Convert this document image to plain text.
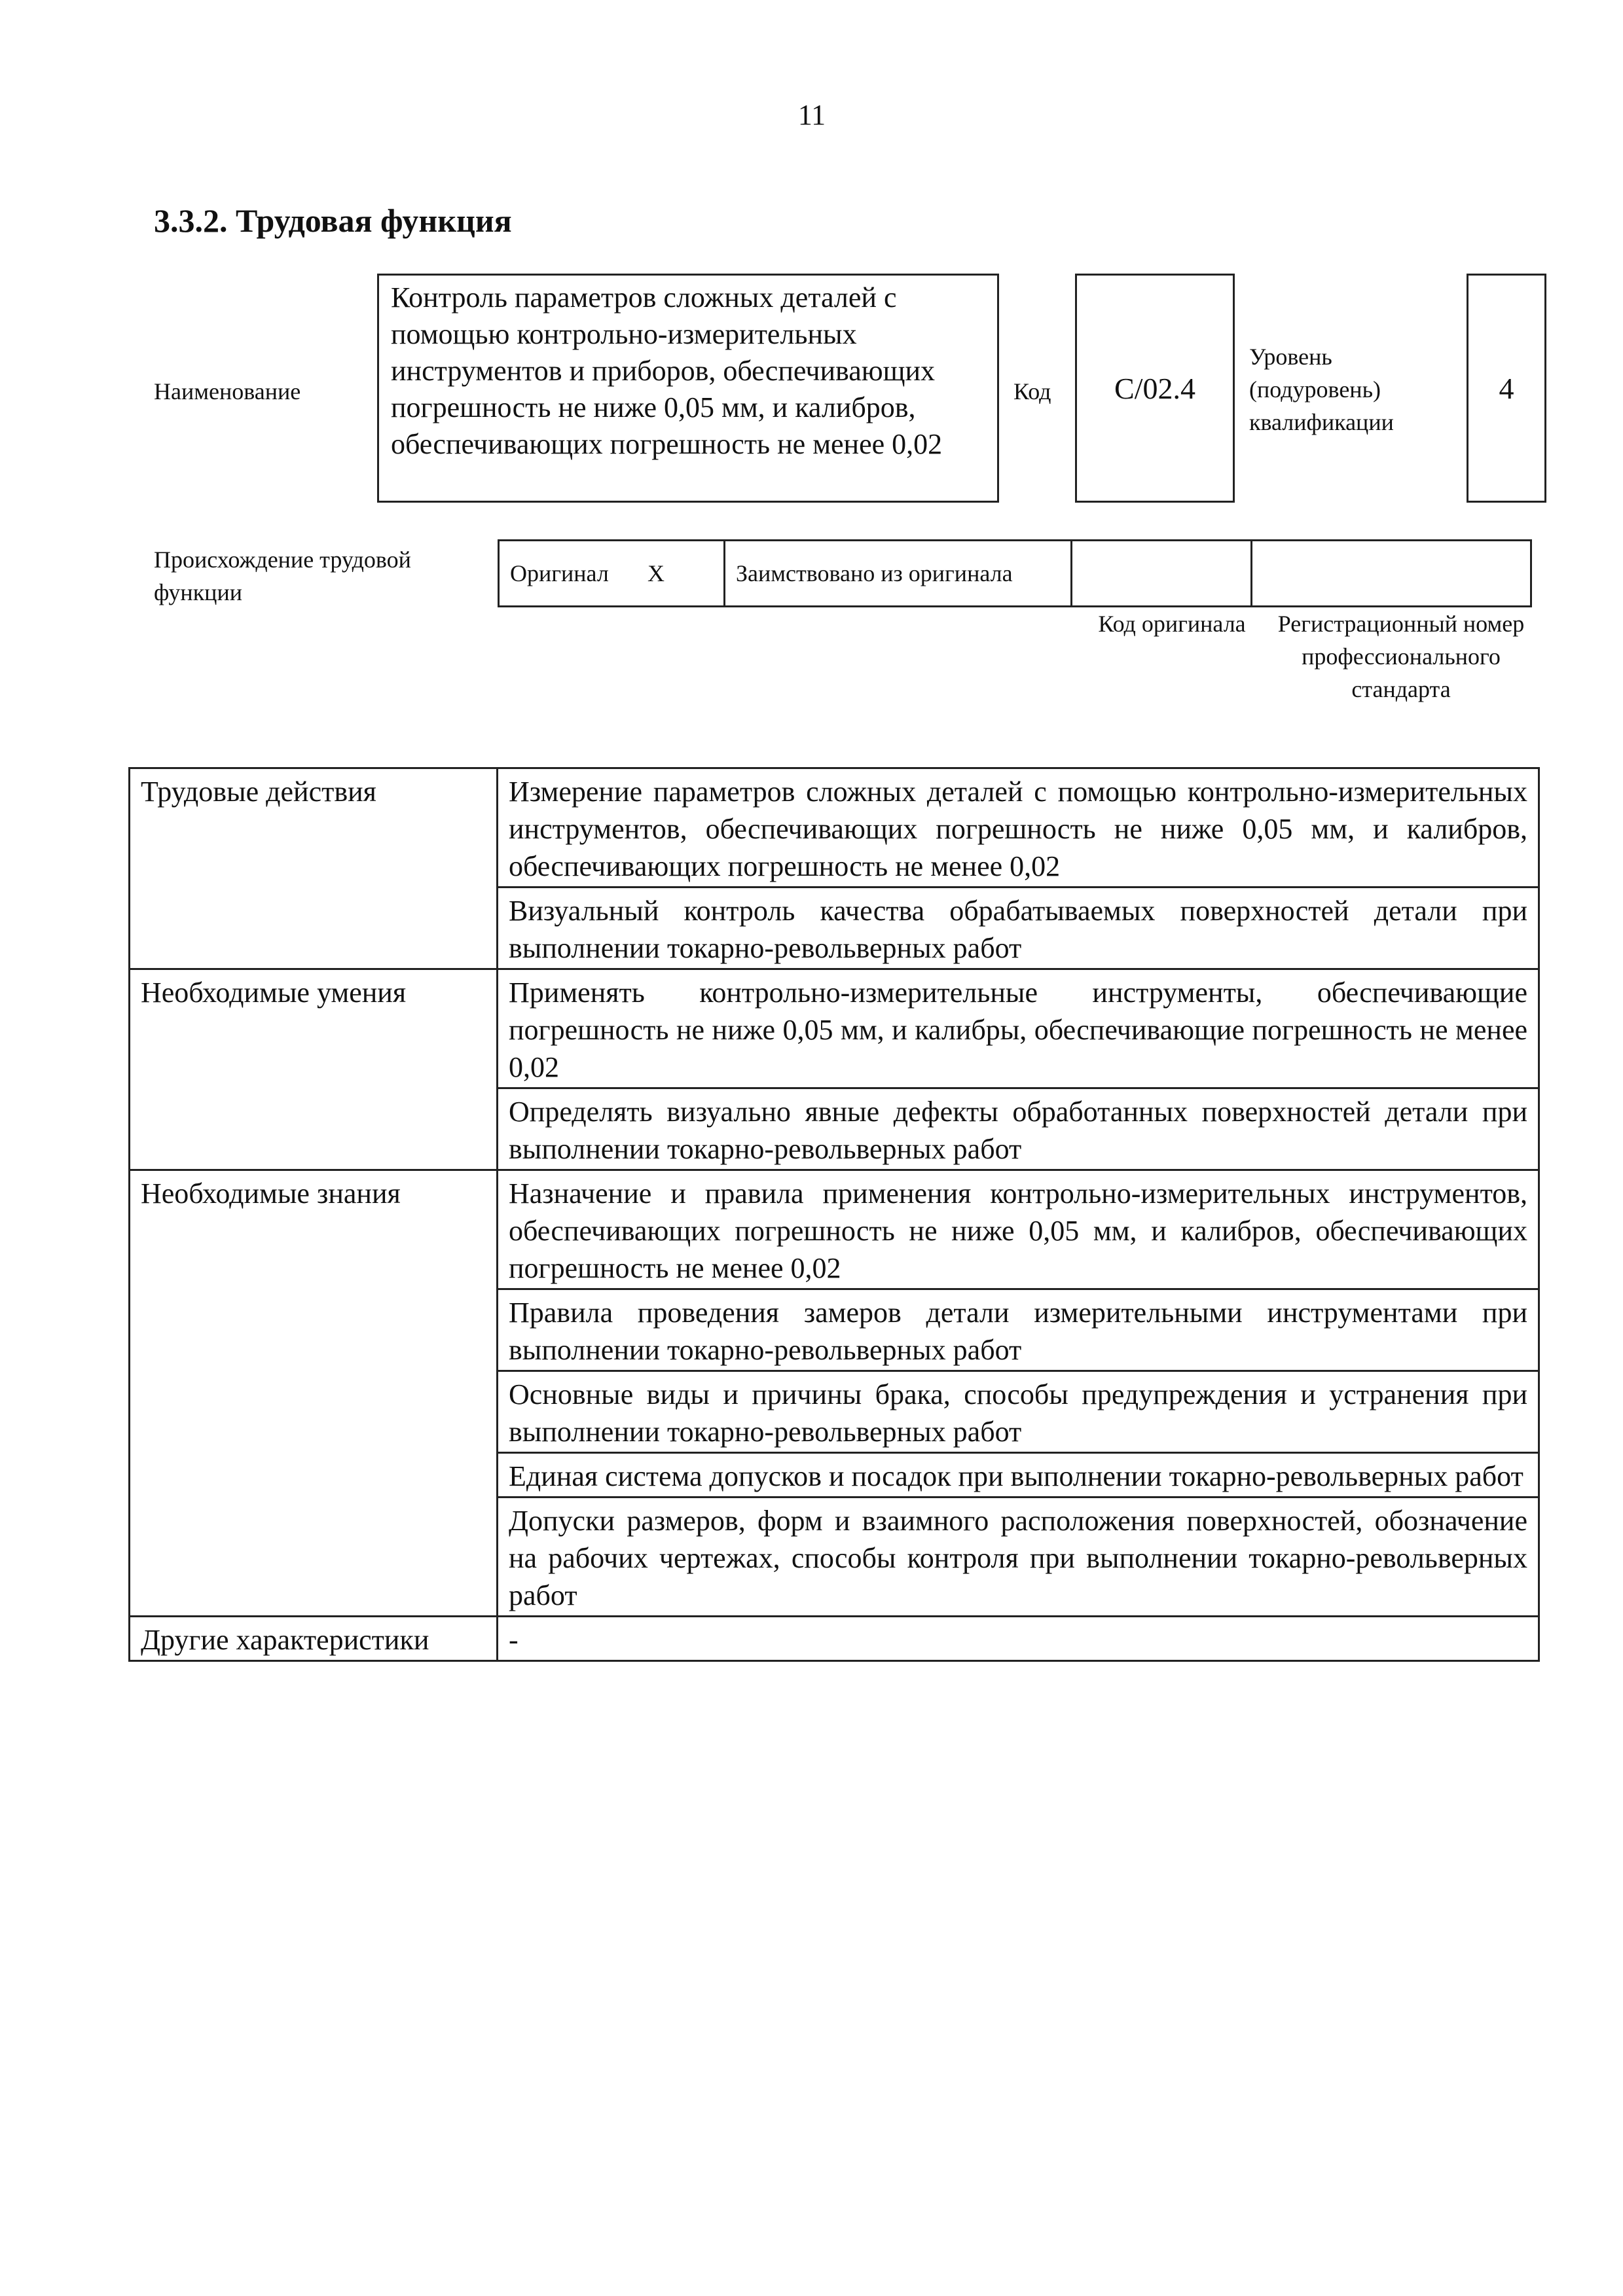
11
3.3.2. Трудовая функция
Наименование
Контроль параметров сложных деталей с помощью контрольно-измерительных инструментов и приборов, обеспечивающих погрешность не ниже 0,05 мм, и калибров, обеспечивающих погрешность не менее 0,02
Код	C/02.4
Уровень (подуровень) квалификации
4
Происхождение трудовой функции
Оригинал	X	Заимствовано из оригинала		
Код оригинала	Регистрационный номер профессионального стандарта
Трудовые действия	Измерение параметров сложных деталей с помощью контрольно-измерительных инструментов, обеспечивающих погрешность не ниже 0,05 мм, и калибров, обеспечивающих погрешность не менее 0,02
	Визуальный контроль качества обрабатываемых поверхностей детали при выполнении токарно-револьверных работ
Необходимые умения	Применять контрольно-измерительные инструменты, обеспечивающие погрешность не ниже 0,05 мм, и калибры, обеспечивающие погрешность не менее 0,02
	Определять визуально явные дефекты обработанных поверхностей детали при выполнении токарно-револьверных работ
Необходимые знания	Назначение и правила применения контрольно-измерительных инструментов, обеспечивающих погрешность не ниже 0,05 мм, и калибров, обеспечивающих погрешность не менее 0,02
	Правила проведения замеров детали измерительными инструментами при выполнении токарно-револьверных работ
	Основные виды и причины брака, способы предупреждения и устранения при выполнении токарно-револьверных работ
	Единая система допусков и посадок при выполнении токарно-револьверных работ
	Допуски размеров, форм и взаимного расположения поверхностей, обозначение на рабочих чертежах, способы контроля при выполнении токарно-револьверных работ
Другие характеристики	-
